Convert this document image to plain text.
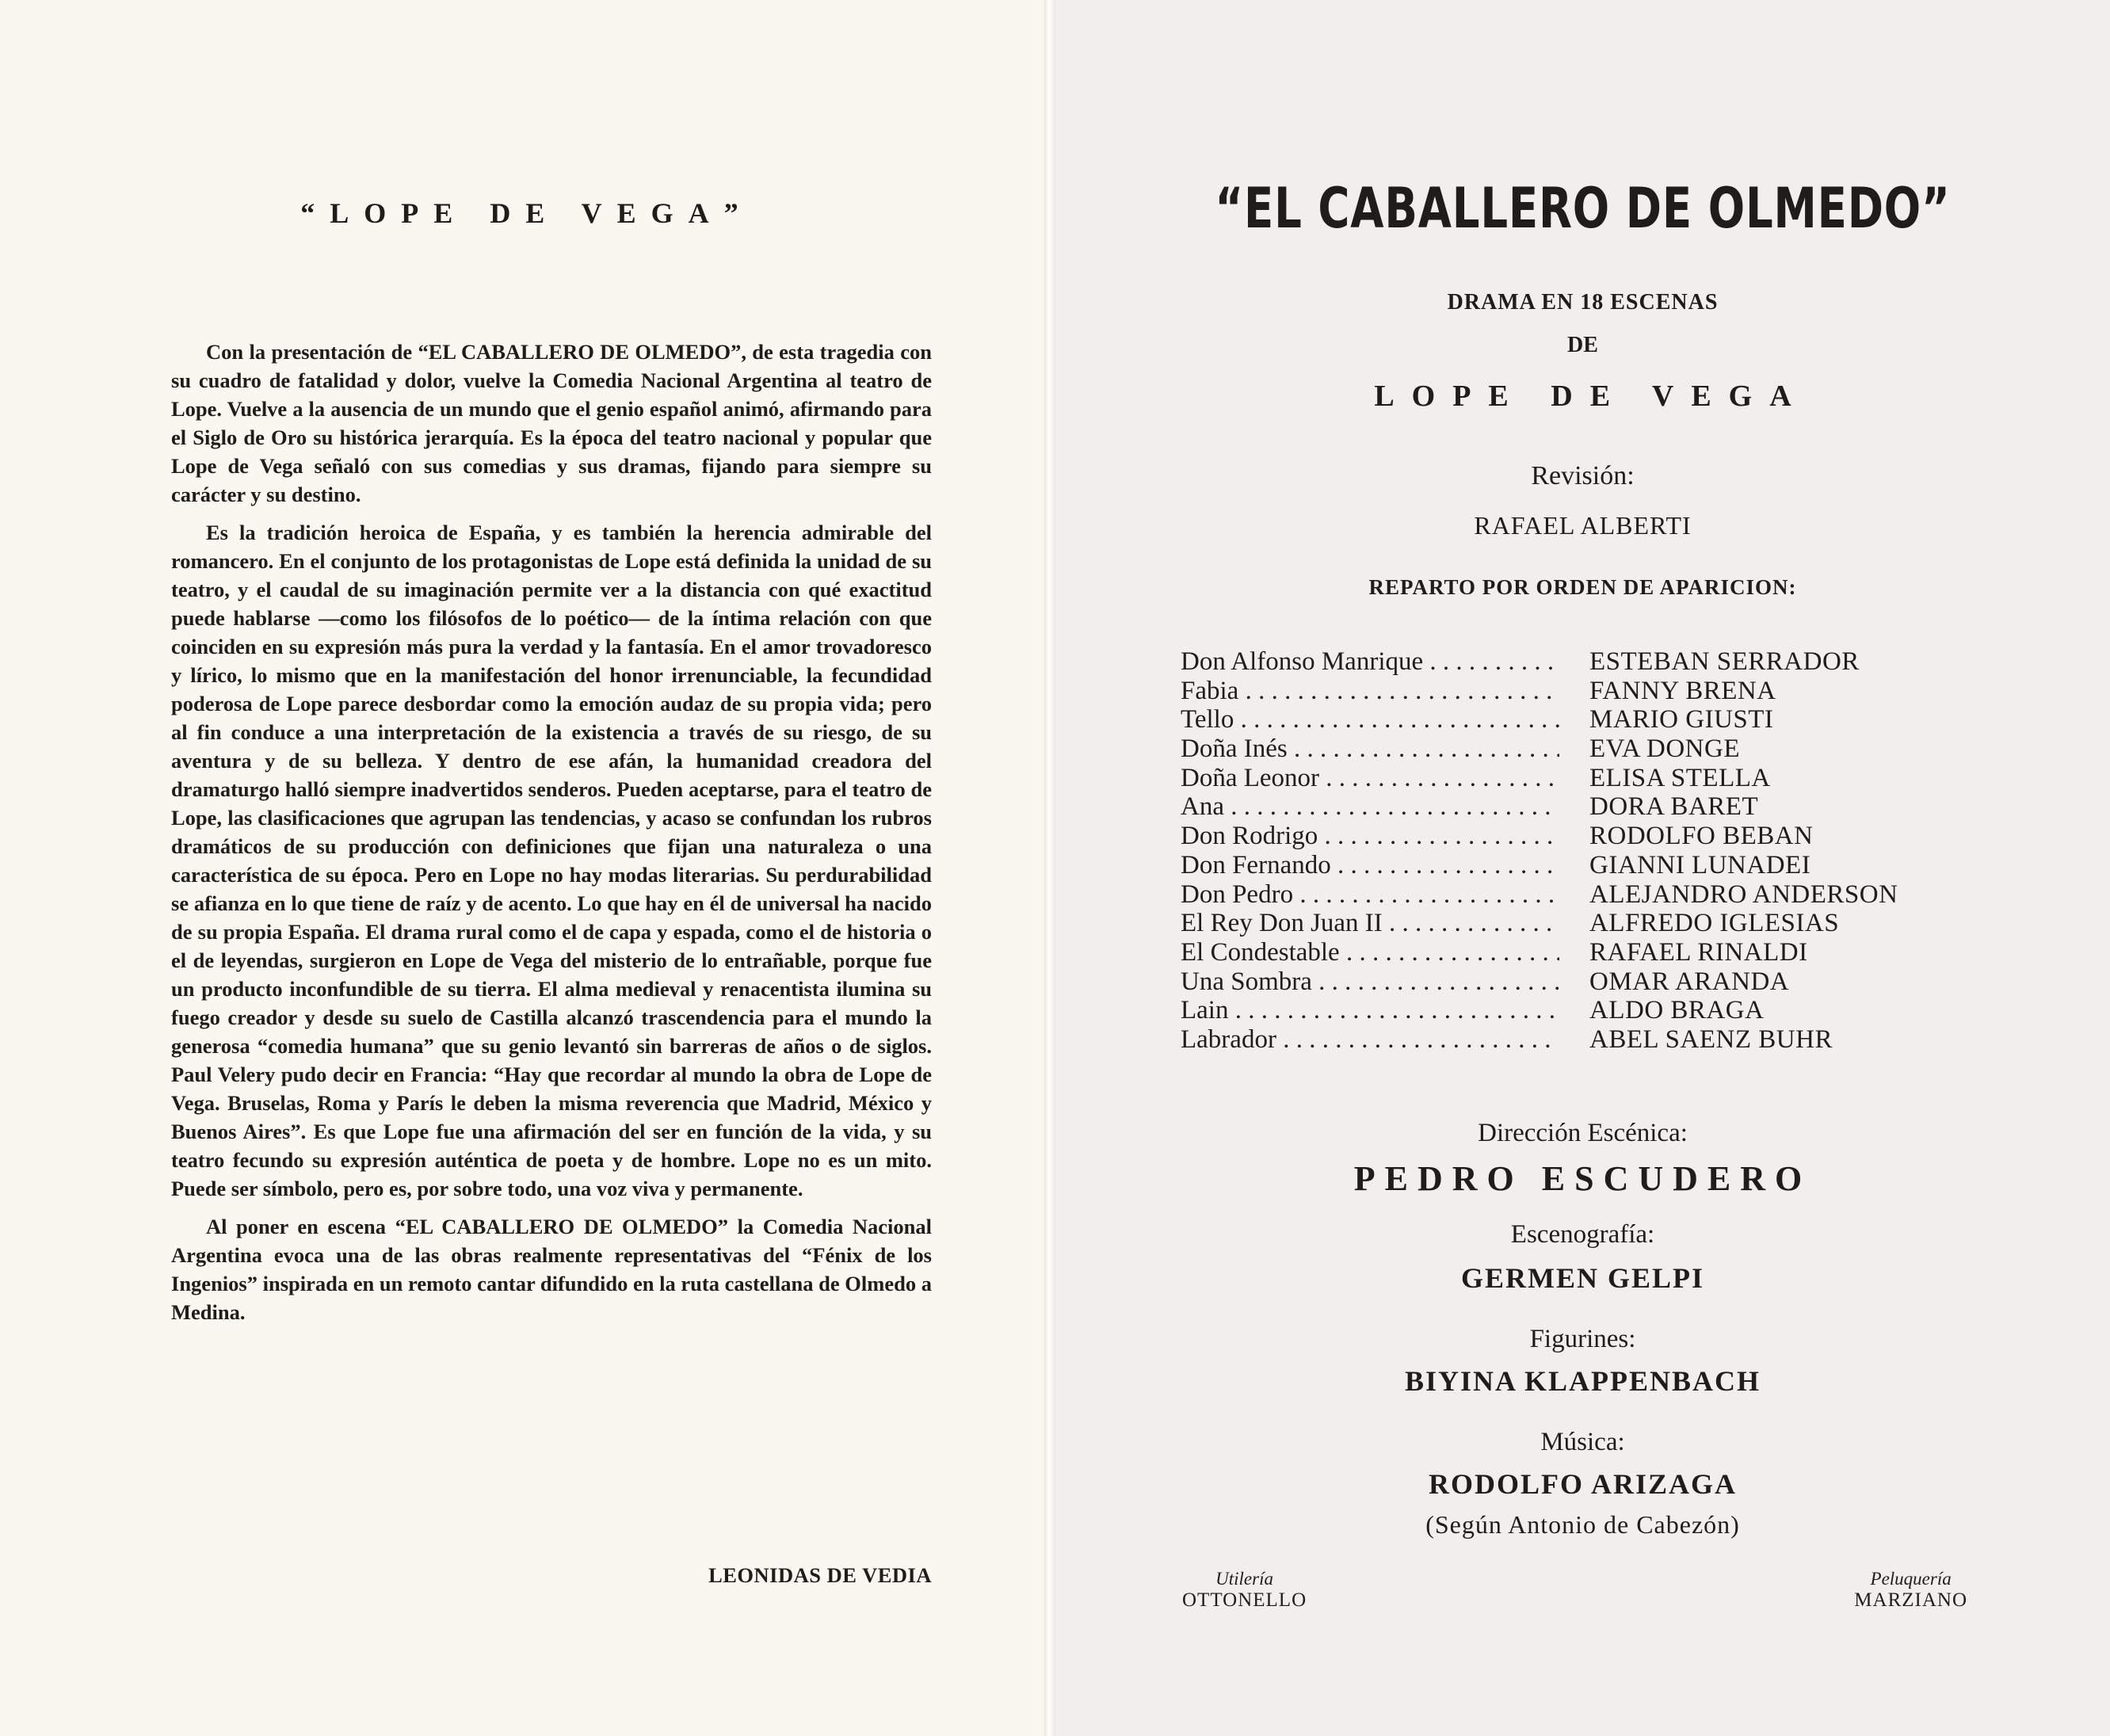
“LOPE DE VEGA”

Con la presentación de “EL CABALLERO DE OLMEDO”, de esta tragedia con su cuadro de fatalidad y dolor, vuelve la Comedia Nacional Argentina al teatro de Lope. Vuelve a la ausencia de un mundo que el genio español animó, afirmando para el Siglo de Oro su histórica jerarquía. Es la época del teatro nacional y popular que Lope de Vega señaló con sus comedias y sus dramas, fijando para siempre su carácter y su destino.

Es la tradición heroica de España, y es también la herencia admirable del romancero. En el conjunto de los protagonistas de Lope está definida la unidad de su teatro, y el caudal de su imaginación permite ver a la distancia con qué exactitud puede hablarse —como los filósofos de lo poético— de la íntima relación con que coinciden en su expresión más pura la verdad y la fantasía. En el amor trovadoresco y lírico, lo mismo que en la manifestación del honor irrenunciable, la fecundidad poderosa de Lope parece desbordar como la emoción audaz de su propia vida; pero al fin conduce a una interpretación de la existencia a través de su riesgo, de su aventura y de su belleza. Y dentro de ese afán, la humanidad creadora del dramaturgo halló siempre inadvertidos senderos. Pueden aceptarse, para el teatro de Lope, las clasificaciones que agrupan las tendencias, y acaso se confundan los rubros dramáticos de su producción con definiciones que fijan una naturaleza o una característica de su época. Pero en Lope no hay modas literarias. Su perdurabilidad se afianza en lo que tiene de raíz y de acento. Lo que hay en él de universal ha nacido de su propia España. El drama rural como el de capa y espada, como el de historia o el de leyendas, surgieron en Lope de Vega del misterio de lo entrañable, porque fue un producto inconfundible de su tierra. El alma medieval y renacentista ilumina su fuego creador y desde su suelo de Castilla alcanzó trascendencia para el mundo la generosa “comedia humana” que su genio levantó sin barreras de años o de siglos. Paul Velery pudo decir en Francia: “Hay que recordar al mundo la obra de Lope de Vega. Bruselas, Roma y París le deben la misma reverencia que Madrid, México y Buenos Aires”. Es que Lope fue una afirmación del ser en función de la vida, y su teatro fecundo su expresión auténtica de poeta y de hombre. Lope no es un mito. Puede ser símbolo, pero es, por sobre todo, una voz viva y permanente.

Al poner en escena “EL CABALLERO DE OLMEDO” la Comedia Nacional Argentina evoca una de las obras realmente representativas del “Fénix de los Ingenios” inspirada en un remoto cantar difundido en la ruta castellana de Olmedo a Medina.

LEONIDAS DE VEDIA
“EL CABALLERO DE OLMEDO”
DRAMA EN 18 ESCENAS
DE
LOPE DE VEGA
Revisión:
RAFAEL ALBERTI
REPARTO POR ORDEN DE APARICION:
Don Alfonso Manrique . . .	ESTEBAN SERRADOR
Fabia . . .	FANNY BRENA
Tello . . .	MARIO GIUSTI
Doña Inés . . .	EVA DONGE
Doña Leonor . . .	ELISA STELLA
Ana . . .	DORA BARET
Don Rodrigo . . .	RODOLFO BEBAN
Don Fernando . . .	GIANNI LUNADEI
Don Pedro . . .	ALEJANDRO ANDERSON
El Rey Don Juan II . . .	ALFREDO IGLESIAS
El Condestable . . .	RAFAEL RINALDI
Una Sombra . . .	OMAR ARANDA
Lain . . .	ALDO BRAGA
Labrador . . .	ABEL SAENZ BUHR
Dirección Escénica:
PEDRO ESCUDERO
Escenografía:
GERMEN GELPI
Figurines:
BIYINA KLAPPENBACH
Música:
RODOLFO ARIZAGA
(Según Antonio de Cabezón)
Utilería
OTTONELLO
Peluquería
MARZIANO
